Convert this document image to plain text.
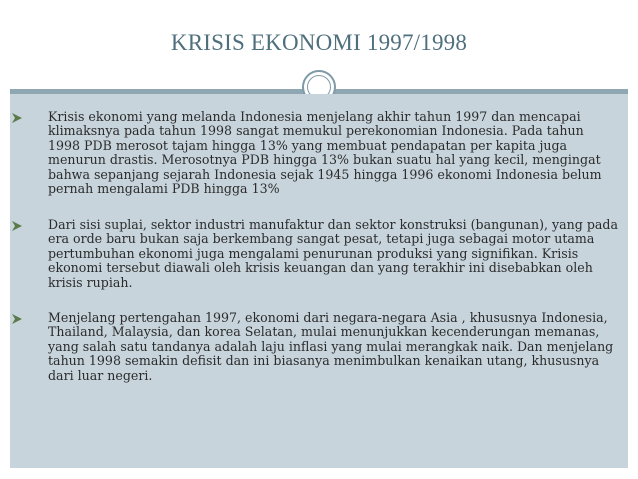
KRISIS EKONOMI 1997/1998
Krisis ekonomi yang melanda Indonesia menjelang akhir tahun 1997 dan mencapai klimaksnya pada tahun 1998 sangat memukul perekonomian Indonesia. Pada tahun 1998 PDB merosot tajam hingga 13% yang membuat pendapatan per kapita juga menurun drastis. Merosotnya PDB hingga 13% bukan suatu hal yang kecil, mengingat bahwa sepanjang sejarah Indonesia sejak 1945 hingga 1996 ekonomi Indonesia belum pernah mengalami PDB hingga 13%
Dari sisi suplai, sektor industri manufaktur dan sektor konstruksi (bangunan), yang pada era orde baru bukan saja berkembang sangat pesat, tetapi juga sebagai motor utama pertumbuhan ekonomi juga mengalami penurunan produksi yang signifikan. Krisis ekonomi tersebut diawali oleh krisis keuangan dan yang terakhir ini disebabkan oleh krisis rupiah.
Menjelang pertengahan 1997, ekonomi dari negara-negara Asia , khususnya Indonesia, Thailand, Malaysia, dan korea Selatan, mulai menunjukkan kecenderungan memanas, yang salah satu tandanya adalah laju inflasi yang mulai merangkak naik. Dan menjelang tahun 1998 semakin defisit dan ini biasanya menimbulkan kenaikan utang, khususnya dari luar negeri.
